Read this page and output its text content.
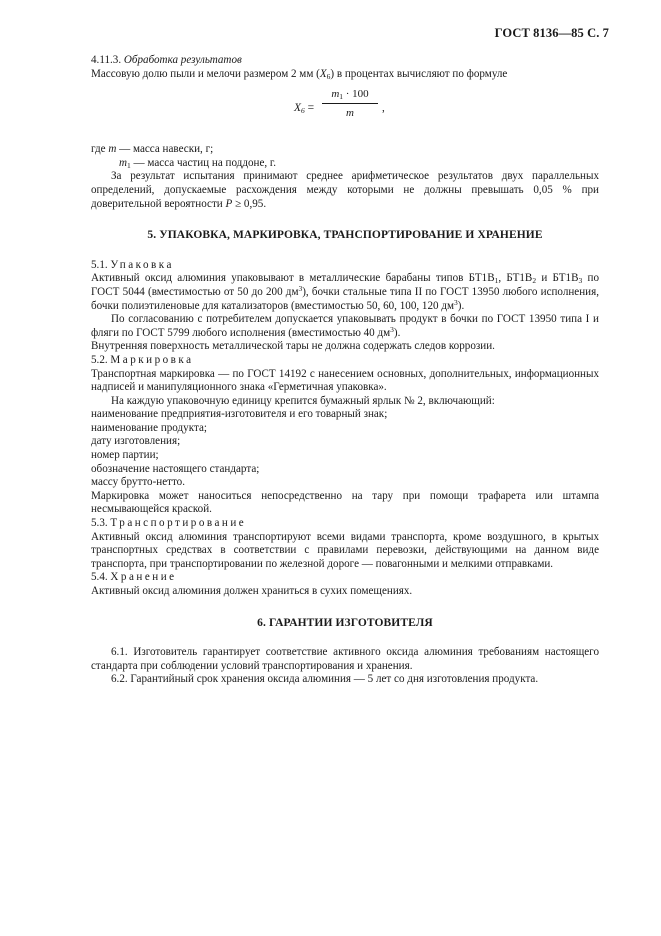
ГОСТ 8136—85 С. 7

4.11.3. Обработка результатов

Массовую долю пыли и мелочи размером 2 мм $(X_6)$ в процентах вычисляют по формуле

$X_6$ =
$m_1 \cdot 100$
m	,

где m — масса навески, г;

$m_1$ — масса частиц на поддоне, г.

За результат испытания принимают среднее арифметическое результатов двух параллельных определений, допускаемые расхождения между которыми не должны превышать 0,05 % при доверительной вероятности P ≥ 0,95.

5. УПАКОВКА, МАРКИРОВКА, ТРАНСПОРТИРОВАНИЕ И ХРАНЕНИЕ

5.1. Упаковка

Активный оксид алюминия упаковывают в металлические барабаны типов $БТ1В_1$, $БТ1В_2$ и $БТ1В_3$ по ГОСТ 5044 (вместимостью от 50 до 200 $дм^3$), бочки стальные типа II по ГОСТ 13950 любого исполнения, бочки полиэтиленовые для катализаторов (вместимостью 50, 60, 100, 120 $дм^3$).

По согласованию с потребителем допускается упаковывать продукт в бочки по ГОСТ 13950 типа I и фляги по ГОСТ 5799 любого исполнения (вместимостью 40 $дм^3$).

Внутренняя поверхность металлической тары не должна содержать следов коррозии.

5.2. Маркировка

Транспортная маркировка — по ГОСТ 14192 с нанесением основных, дополнительных, информационных надписей и манипуляционного знака «Герметичная упаковка».

На каждую упаковочную единицу крепится бумажный ярлык № 2, включающий:

наименование предприятия-изготовителя и его товарный знак;

наименование продукта;

дату изготовления;

номер партии;

обозначение настоящего стандарта;

массу брутто-нетто.

Маркировка может наноситься непосредственно на тару при помощи трафарета или штампа несмывающейся краской.

5.3. Транспортирование

Активный оксид алюминия транспортируют всеми видами транспорта, кроме воздушного, в крытых транспортных средствах в соответствии с правилами перевозки, действующими на данном виде транспорта, при транспортировании по железной дороге — повагонными и мелкими отправками.

5.4. Хранение

Активный оксид алюминия должен храниться в сухих помещениях.

6. ГАРАНТИИ ИЗГОТОВИТЕЛЯ

6.1. Изготовитель гарантирует соответствие активного оксида алюминия требованиям настоящего стандарта при соблюдении условий транспортирования и хранения.

6.2. Гарантийный срок хранения оксида алюминия — 5 лет со дня изготовления продукта.
